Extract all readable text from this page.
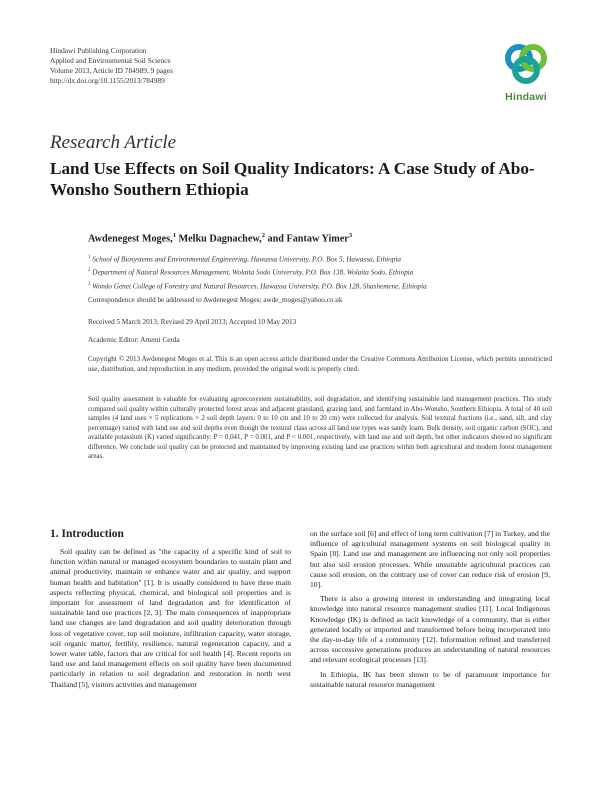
Hindawi Publishing Corporation
Applied and Environmental Soil Science
Volume 2013, Article ID 784989, 9 pages
http://dx.doi.org/10.1155/2013/784989
Hindawi
Research Article
Land Use Effects on Soil Quality Indicators: A Case Study of Abo-Wonsho Southern Ethiopia
Awdenegest Moges,$^1$ Melku Dagnachew,$^2$ and Fantaw Yimer$^3$
$^1$ School of Biosystems and Environmental Engineering, Hawassa University, P.O. Box 5, Hawassa, Ethiopia
$^2$ Department of Natural Resources Management, Wolaita Sodo University, P.O. Box 138, Wolaita Sodo, Ethiopia
$^3$ Wondo Genet College of Forestry and Natural Resources, Hawassa University, P.O. Box 128, Shashemene, Ethiopia
Correspondence should be addressed to Awdenegest Moges; awde_moges@yahoo.co.uk
Received 5 March 2013; Revised 29 April 2013; Accepted 10 May 2013
Academic Editor: Artemi Cerda
Copyright © 2013 Awdenegest Moges et al. This is an open access article distributed under the Creative Commons Attribution License, which permits unrestricted use, distribution, and reproduction in any medium, provided the original work is properly cited.
Soil quality assessment is valuable for evaluating agroecosystem sustainability, soil degradation, and identifying sustainable land management practices. This study compared soil quality within culturally protected forest areas and adjacent grassland, grazing land, and farmland in Abo-Wonsho, Southern Ethiopia. A total of 40 soil samples (4 land uses × 5 replications × 2 soil depth layers: 0 to 10 cm and 10 to 20 cm) were collected for analysis. Soil textural fractions (i.e., sand, silt, and clay percentage) varied with land use and soil depths even though the textural class across all land use types was sandy loam. Bulk density, soil organic carbon (SOC), and available potassium (K) varied significantly: P = 0.041, P = 0.001, and P < 0.001, respectively, with land use and soil depth, but other indicators showed no significant difference. We conclude soil quality can be protected and maintained by improving existing land use practices within both agricultural and modern forest management areas.
1. Introduction

Soil quality can be defined as "the capacity of a specific kind of soil to function within natural or managed ecosystem boundaries to sustain plant and animal productivity, maintain or enhance water and air quality, and support human health and habitation" [1]. It is usually considered to have three main aspects reflecting physical, chemical, and biological soil properties and is important for assessment of land degradation and for identification of sustainable land use practices [2, 3]. The main consequences of inappropriate land use changes are land degradation and soil quality deterioration through loss of vegetative cover, top soil moisture, infiltration capacity, water storage, soil organic matter, fertility, resilience, natural regeneration capacity, and a lower water table, factors that are critical for soil health [4]. Recent reports on land use and land management effects on soil quality have been documented particularly in relation to soil degradation and restoration in north west Thailand [5], visitors activities and management

on the surface soil [6] and effect of long term cultivation [7] in Turkey, and the influence of agricultural management systems on soil biological quality in Spain [8]. Land use and management are influencing not only soil properties but also soil erosion processes. While unsuitable agricultural practices can cause soil erosion, on the contrary use of cover can reduce risk of erosion [9, 10].

There is also a growing interest in understanding and integrating local knowledge into natural resource management studies [11]. Local Indigenous Knowledge (IK) is defined as tacit knowledge of a community, that is either generated locally or imported and transformed before being incorporated into the day-to-day life of a community [12]. Information refined and transferred across successive generations produces an understanding of natural resources and relevant ecological processes [13].

In Ethiopia, IK has been shown to be of paramount importance for sustainable natural resource management
